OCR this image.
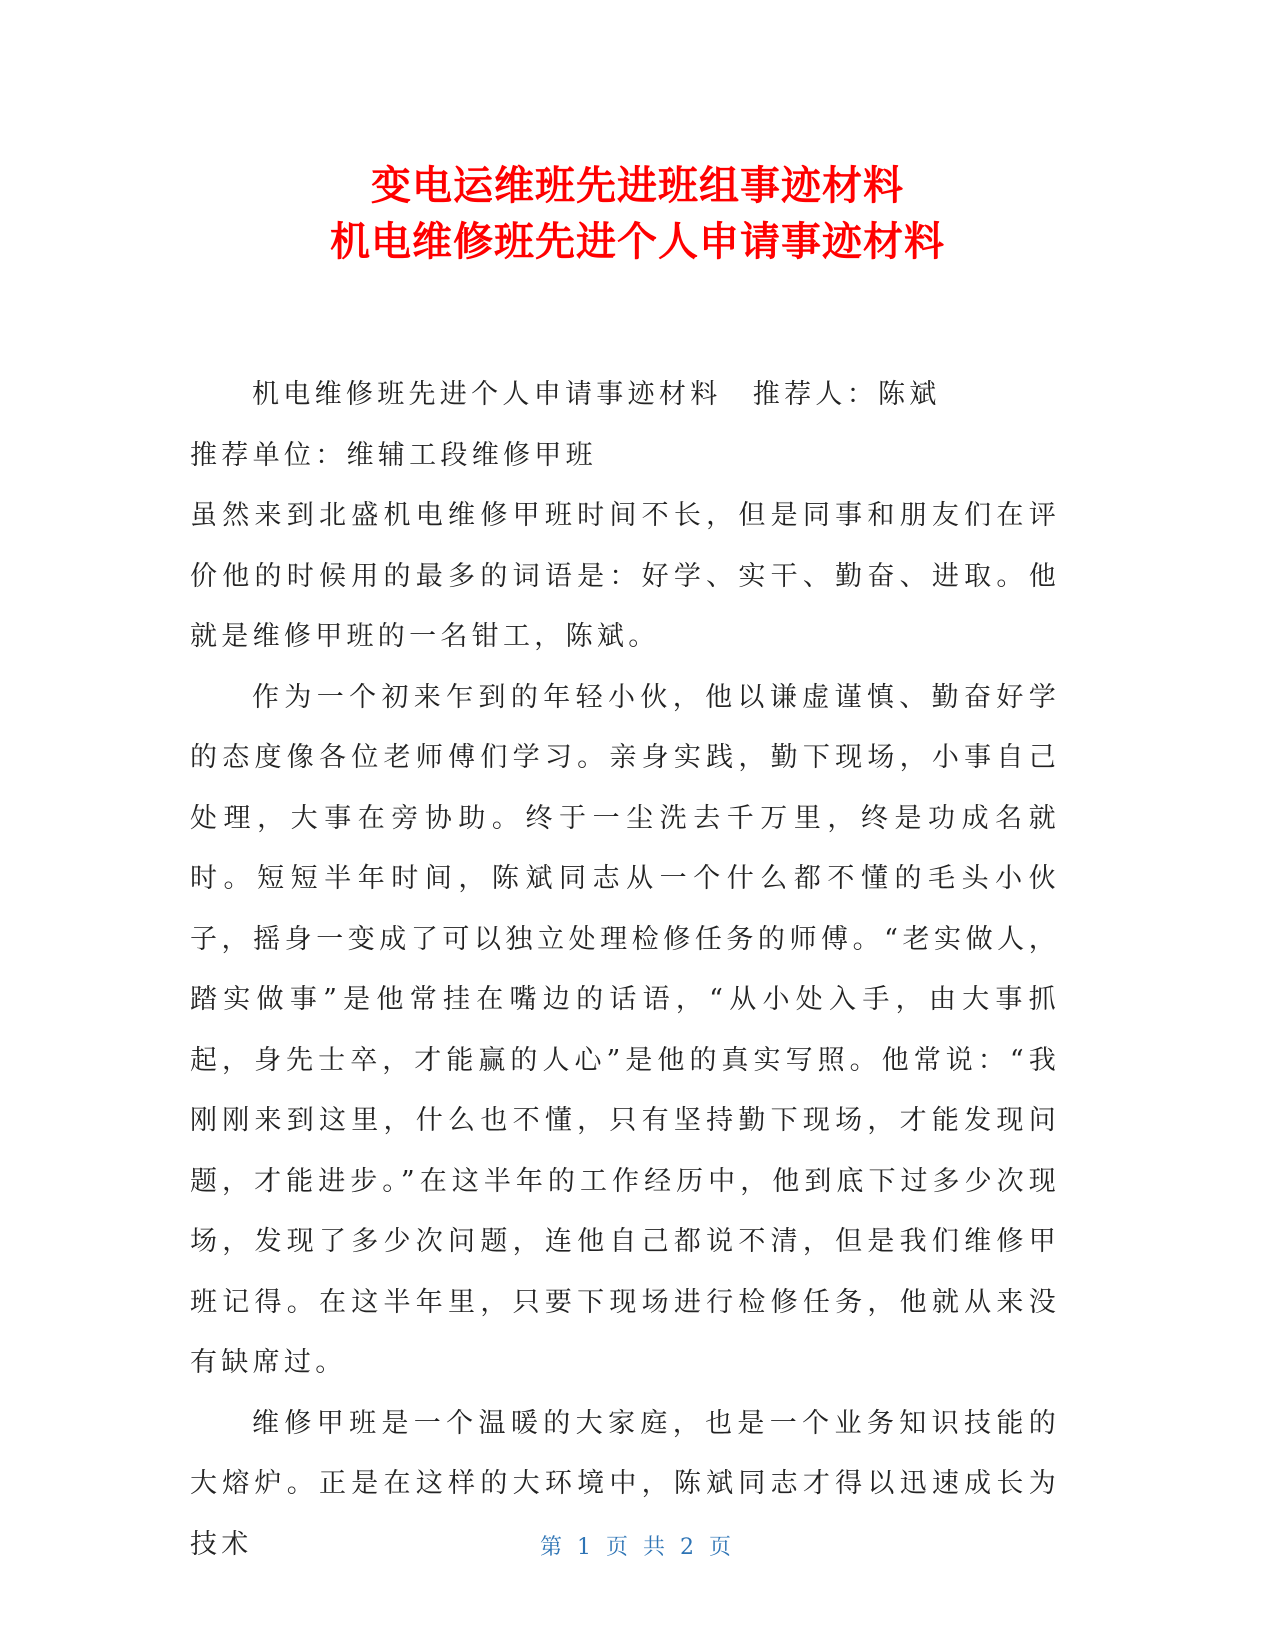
变电运维班先进班组事迹材料
机电维修班先进个人申请事迹材料

机电维修班先进个人申请事迹材料　推荐人：陈斌

推荐单位：维辅工段维修甲班

虽然来到北盛机电维修甲班时间不长，但是同事和朋友们在评价他的时候用的最多的词语是：好学、实干、勤奋、进取。他就是维修甲班的一名钳工，陈斌。

作为一个初来乍到的年轻小伙，他以谦虚谨慎、勤奋好学的态度像各位老师傅们学习。亲身实践，勤下现场，小事自己处理，大事在旁协助。终于一尘洗去千万里，终是功成名就时。短短半年时间，陈斌同志从一个什么都不懂的毛头小伙子，摇身一变成了可以独立处理检修任务的师傅。“老实做人，踏实做事”是他常挂在嘴边的话语，“从小处入手，由大事抓起，身先士卒，才能赢的人心”是他的真实写照。他常说：“我刚刚来到这里，什么也不懂，只有坚持勤下现场，才能发现问题，才能进步。”在这半年的工作经历中，他到底下过多少次现场，发现了多少次问题，连他自己都说不清，但是我们维修甲班记得。在这半年里，只要下现场进行检修任务，他就从来没有缺席过。

维修甲班是一个温暖的大家庭，也是一个业务知识技能的大熔炉。正是在这样的大环境中，陈斌同志才得以迅速成长为技术	第 1 页 共 2 页
